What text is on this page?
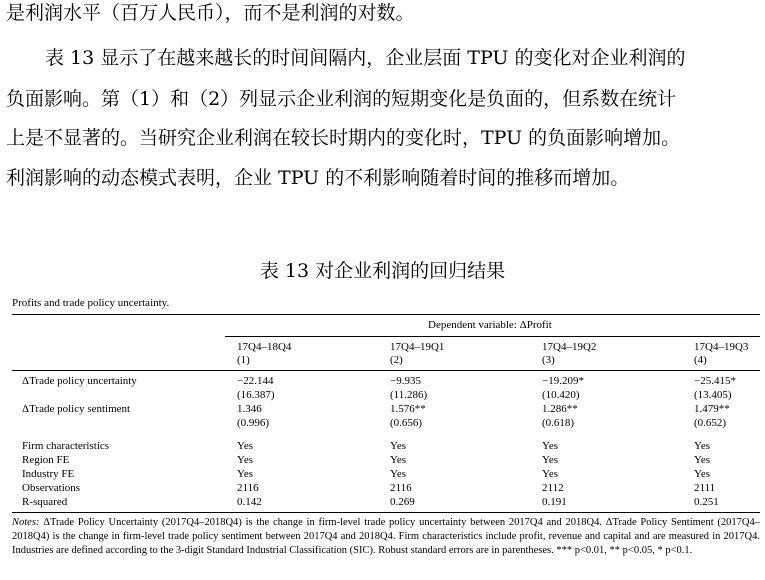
是利润水平（百万人民币），而不是利润的对数。
表 13 显示了在越来越长的时间间隔内，企业层面 TPU 的变化对企业利润的
负面影响。第（1）和（2）列显示企业利润的短期变化是负面的，但系数在统计
上是不显著的。当研究企业利润在较长时期内的变化时，TPU 的负面影响增加。
利润影响的动态模式表明，企业 TPU 的不利影响随着时间的推移而增加。
表 13 对企业利润的回归结果
Profits and trade policy uncertainty.
Dependent variable: ΔProfit
17Q4–18Q4	17Q4–19Q1	17Q4–19Q2	17Q4–19Q3
(1)	(2)	(3)	(4)
ΔTrade policy uncertainty	−22.144	−9.935	−19.209*	−25.415*
(16.387)	(11.286)	(10.420)	(13.405)
ΔTrade policy sentiment	1.346	1.576**	1.286**	1.479**
(0.996)	(0.656)	(0.618)	(0.652)
Firm characteristics	Yes	Yes	Yes	Yes
Region FE	Yes	Yes	Yes	Yes
Industry FE	Yes	Yes	Yes	Yes
Observations	2116	2116	2112	2111
R-squared	0.142	0.269	0.191	0.251
Notes: ΔTrade Policy Uncertainty (2017Q4–2018Q4) is the change in firm-level trade policy uncertainty between 2017Q4 and 2018Q4. ΔTrade Policy Sentiment (2017Q4–2018Q4) is the change in firm-level trade policy sentiment between 2017Q4 and 2018Q4. Firm characteristics include profit, revenue and capital and are measured in 2017Q4. Industries are defined according to the 3-digit Standard Industrial Classification (SIC). Robust standard errors are in parentheses. *** p<0.01, ** p<0.05, * p<0.1.
